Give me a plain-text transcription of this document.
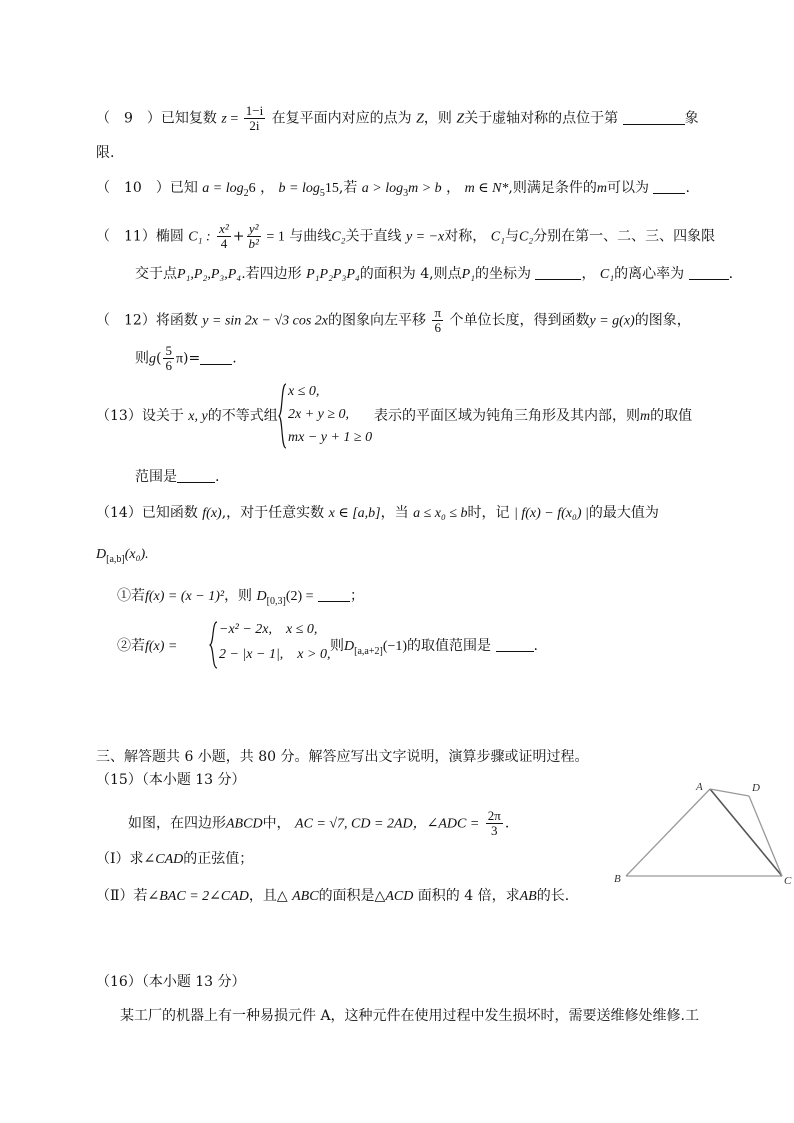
（　9　）已知复数 $z = \frac{1-i}{2i}$ 在复平面内对应的点为 Z，则 Z关于虚轴对称的点位于第	象
限.
（　10　）已知 $a = \log_26$ ， $b = \log_515$,若 $a > \log_3m > b$ ， m ∈ N*,则满足条件的m可以为	.
（　11）椭圆 C₁ : $\frac{\text{x²}}{4} + \frac{\text{y²}}{\text{b²}} = 1$ 与曲线C₂关于直线 y = −x对称， C₁与C₂分别在第一、二、三、四象限
交于点P₁,P₂,P₃,P₄.若四边形 P₁P₂P₃P₄的面积为 4,则点P₁的坐标为	， C₁的离心率为	.
（　12）将函数 y = sin 2x − √3 cos 2x的图象向左平移 $\frac{\pi}{6}$ 个单位长度，得到函数y = g(x)的图象，
则$g( \frac{5}{6} \pi)=$ .
（13）设关于 x, y的不等式组
x ≤ 0,
2x + y ≥ 0,
mx − y + 1 ≥ 0
表示的平面区域为钝角三角形及其内部，则m的取值
范围是	.
（14）已知函数 f(x),，对于任意实数 x ∈ [a,b]，当 a ≤ x₀ ≤ b时，记 | f(x) − f(x₀) |的最大值为
$D_{[a,b]}(x_0)$.
①若f(x) = (x − 1)²，则 $D_{[0,3]}(2)$ =	；
②若f(x) =
−x² − 2x,    x ≤ 0,
2 − |x − 1|,    x > 0,
则$D_{[a,a+2]}(-1)$的取值范围是	.
三、解答题共 6 小题，共 80 分。解答应写出文字说明，演算步骤或证明过程。
（15）（本小题 13 分）
如图，在四边形ABCD中， AC = √7, CD = 2AD，∠ADC = $\frac{2\pi}{3}$ .
（Ⅰ）求∠CAD的正弦值；
（Ⅱ）若∠BAC = 2∠CAD，且△ ABC的面积是△ACD 面积的 4 倍，求AB的长.
A	D
B	C
（16）（本小题 13 分）
某工厂的机器上有一种易损元件 A，这种元件在使用过程中发生损坏时，需要送维修处维修.工
